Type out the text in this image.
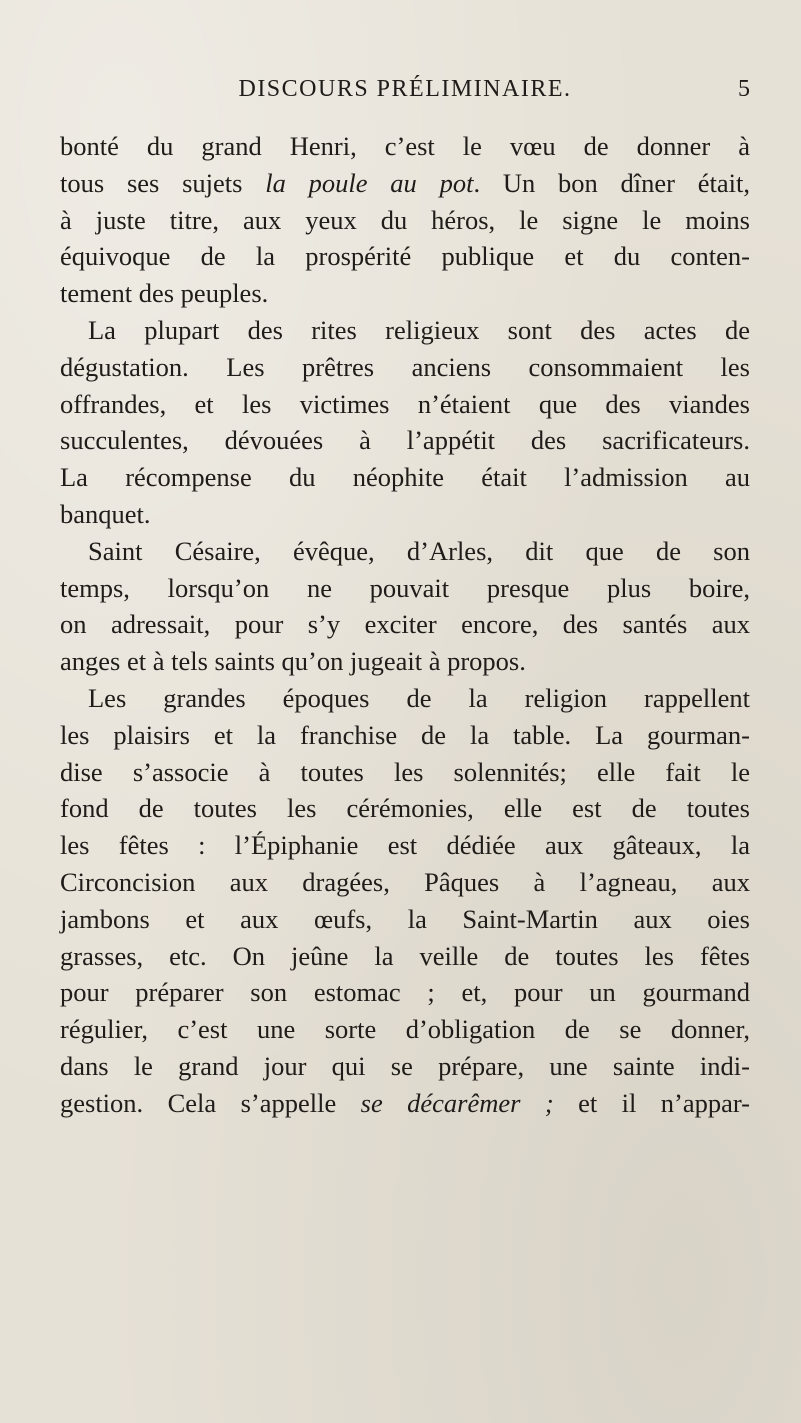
DISCOURS PRÉLIMINAIRE.	5
bonté du grand Henri, c’est le vœu de donner à
tous ses sujets la poule au pot. Un bon dîner était,
à juste titre, aux yeux du héros, le signe le moins
équivoque de la prospérité publique et du conten-
tement des peuples.
La plupart des rites religieux sont des actes de
dégustation. Les prêtres anciens consommaient les
offrandes, et les victimes n’étaient que des viandes
succulentes, dévouées à l’appétit des sacrificateurs.
La récompense du néophite était l’admission au
banquet.
Saint Césaire, évêque, d’Arles, dit que de son
temps, lorsqu’on ne pouvait presque plus boire,
on adressait, pour s’y exciter encore, des santés aux
anges et à tels saints qu’on jugeait à propos.
Les grandes époques de la religion rappellent
les plaisirs et la franchise de la table. La gourman-
dise s’associe à toutes les solennités; elle fait le
fond de toutes les cérémonies, elle est de toutes
les fêtes : l’Épiphanie est dédiée aux gâteaux, la
Circoncision aux dragées, Pâques à l’agneau, aux
jambons et aux œufs, la Saint-Martin aux oies
grasses, etc. On jeûne la veille de toutes les fêtes
pour préparer son estomac ; et, pour un gourmand
régulier, c’est une sorte d’obligation de se donner,
dans le grand jour qui se prépare, une sainte indi-
gestion. Cela s’appelle se décarêmer ; et il n’appar-
